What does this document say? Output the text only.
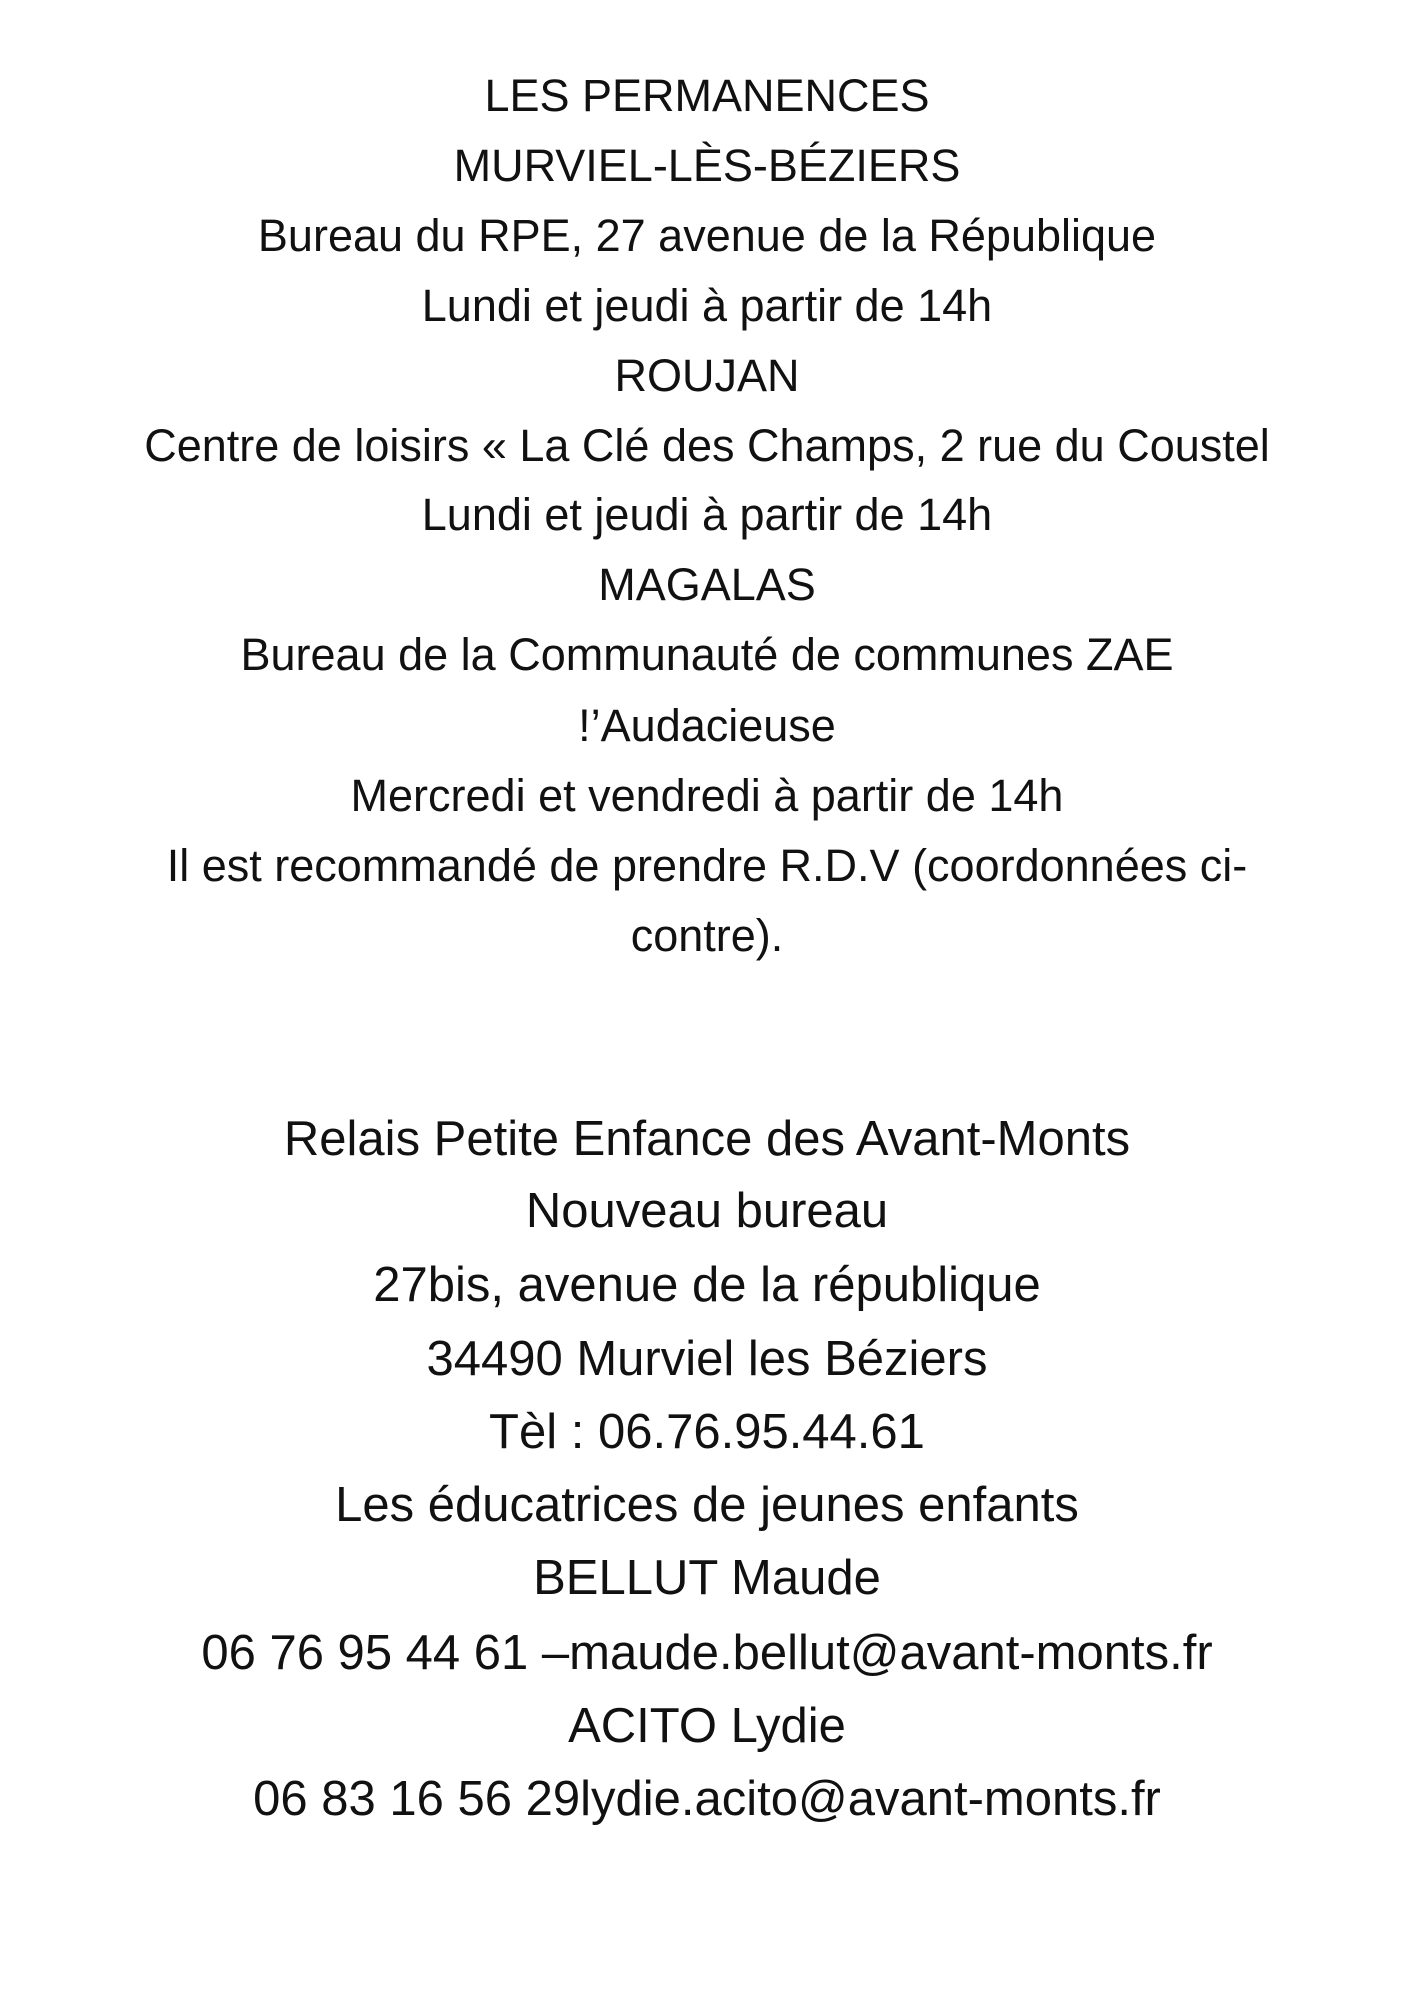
LES PERMANENCES
MURVIEL-LÈS-BÉZIERS
Bureau du RPE, 27 avenue de la République
Lundi et jeudi à partir de 14h
ROUJAN
Centre de loisirs « La Clé des Champs, 2 rue du Coustel
Lundi et jeudi à partir de 14h
MAGALAS
Bureau de la Communauté de communes ZAE
!’Audacieuse
Mercredi et vendredi à partir de 14h
Il est recommandé de prendre R.D.V (coordonnées ci-
contre).
Relais Petite Enfance des Avant-Monts
Nouveau bureau
27bis, avenue de la république
34490 Murviel les Béziers
Tèl : 06.76.95.44.61
Les éducatrices de jeunes enfants
BELLUT Maude
06 76 95 44 61 –maude.bellut@avant-monts.fr
ACITO Lydie
06 83 16 56 29lydie.acito@avant-monts.fr
